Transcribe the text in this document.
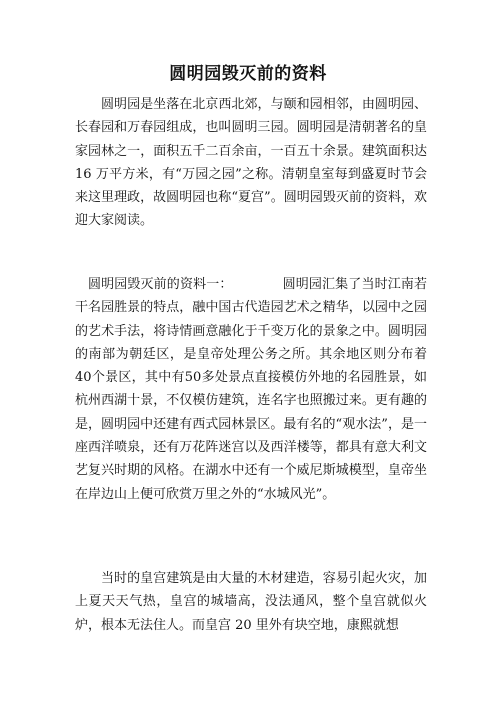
圆明园毁灭前的资料

圆明园是坐落在北京西北郊，与颐和园相邻，由圆明园、长春园和万春园组成，也叫圆明三园。圆明园是清朝著名的皇家园林之一，面积五千二百余亩，一百五十余景。建筑面积达 16 万平方米，有“万园之园”之称。清朝皇室每到盛夏时节会来这里理政，故圆明园也称“夏宫”。圆明园毁灭前的资料，欢迎大家阅读。

圆明园毁灭前的资料一：	圆明园汇集了当时江南若干名园胜景的特点，融中国古代造园艺术之精华，以园中之园的艺术手法，将诗情画意融化于千变万化的景象之中。圆明园的南部为朝廷区，是皇帝处理公务之所。其余地区则分布着40个景区，其中有50多处景点直接模仿外地的名园胜景，如杭州西湖十景，不仅模仿建筑，连名字也照搬过来。更有趣的是，圆明园中还建有西式园林景区。最有名的“观水法”，是一座西洋喷泉，还有万花阵迷宫以及西洋楼等，都具有意大利文艺复兴时期的风格。在湖水中还有一个威尼斯城模型，皇帝坐在岸边山上便可欣赏万里之外的“水城风光”。

当时的皇宫建筑是由大量的木材建造，容易引起火灾，加上夏天天气热，皇宫的城墙高，没法通风，整个皇宫就似火炉，根本无法住人。而皇宫 20 里外有块空地，康熙就想
